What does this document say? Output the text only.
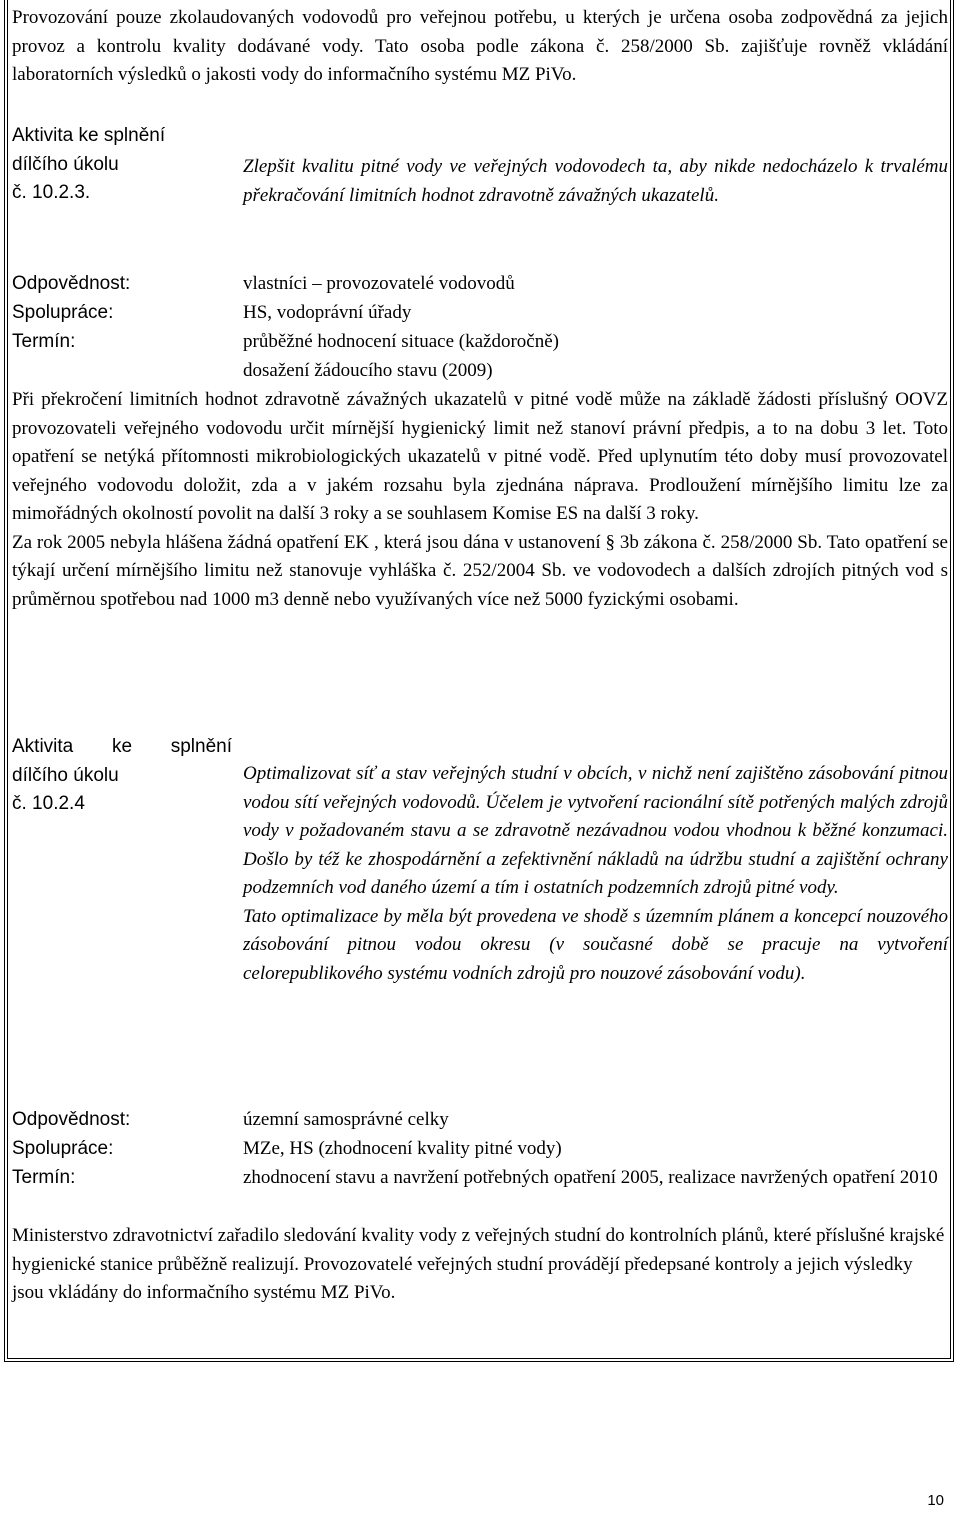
Provozování pouze zkolaudovaných vodovodů pro veřejnou potřebu, u kterých je určena osoba zodpovědná za jejich provoz a kontrolu kvality dodávané vody. Tato osoba podle zákona č. 258/2000 Sb. zajišťuje rovněž vkládání laboratorních výsledků o jakosti vody do informačního systému MZ PiVo.

Aktivita ke splnění
dílčího úkolu
č. 10.2.3.

Zlepšit kvalitu pitné vody ve veřejných vodovodech ta, aby nikde nedocházelo k trvalému překračování limitních hodnot zdravotně závažných ukazatelů.

Odpovědnost:	vlastníci – provozovatelé vodovodů
Spolupráce:	HS, vodoprávní úřady
Termín:	průběžné hodnocení situace (každoročně)
dosažení žádoucího stavu (2009)

Při překročení limitních hodnot zdravotně závažných ukazatelů v pitné vodě může na základě žádosti příslušný OOVZ provozovateli veřejného vodovodu určit mírnější hygienický limit než stanoví právní předpis, a to na dobu 3 let. Toto opatření se netýká přítomnosti mikrobiologických ukazatelů v pitné vodě. Před uplynutím této doby musí provozovatel veřejného vodovodu doložit, zda a v jakém rozsahu byla zjednána náprava. Prodloužení mírnějšího limitu lze za mimořádných okolností povolit na další 3 roky a se souhlasem Komise ES na další 3 roky.

Za rok 2005 nebyla hlášena žádná opatření EK , která jsou dána v ustanovení § 3b zákona č. 258/2000 Sb. Tato opatření se týkají určení mírnějšího limitu než stanovuje vyhláška č. 252/2004 Sb. ve vodovodech a dalších zdrojích pitných vod s průměrnou spotřebou nad 1000 m3 denně nebo využívaných více než 5000 fyzickými osobami.

Aktivita ke splnění
dílčího úkolu
č. 10.2.4

Optimalizovat síť a stav veřejných studní v obcích, v nichž není zajištěno zásobování pitnou vodou sítí veřejných vodovodů. Účelem je vytvoření racionální sítě potřených malých zdrojů vody v požadovaném stavu a se zdravotně nezávadnou vodou vhodnou k běžné konzumaci. Došlo by též ke zhospodárnění a zefektivnění nákladů na údržbu studní a zajištění ochrany podzemních vod daného území a tím i ostatních podzemních zdrojů pitné vody.

Tato optimalizace by měla být provedena ve shodě s územním plánem a koncepcí nouzového zásobování pitnou vodou okresu (v současné době se pracuje na vytvoření celorepublikového systému vodních zdrojů pro nouzové zásobování vodu).

Odpovědnost:	územní samosprávné celky
Spolupráce:	MZe, HS (zhodnocení kvality pitné vody)
Termín:	zhodnocení stavu a navržení potřebných opatření 2005, realizace navržených opatření 2010

Ministerstvo zdravotnictví zařadilo sledování kvality vody z veřejných studní do kontrolních plánů, které příslušné krajské hygienické stanice průběžně realizují. Provozovatelé veřejných studní provádějí předepsané kontroly a jejich výsledky jsou vkládány do informačního systému MZ PiVo.

10
